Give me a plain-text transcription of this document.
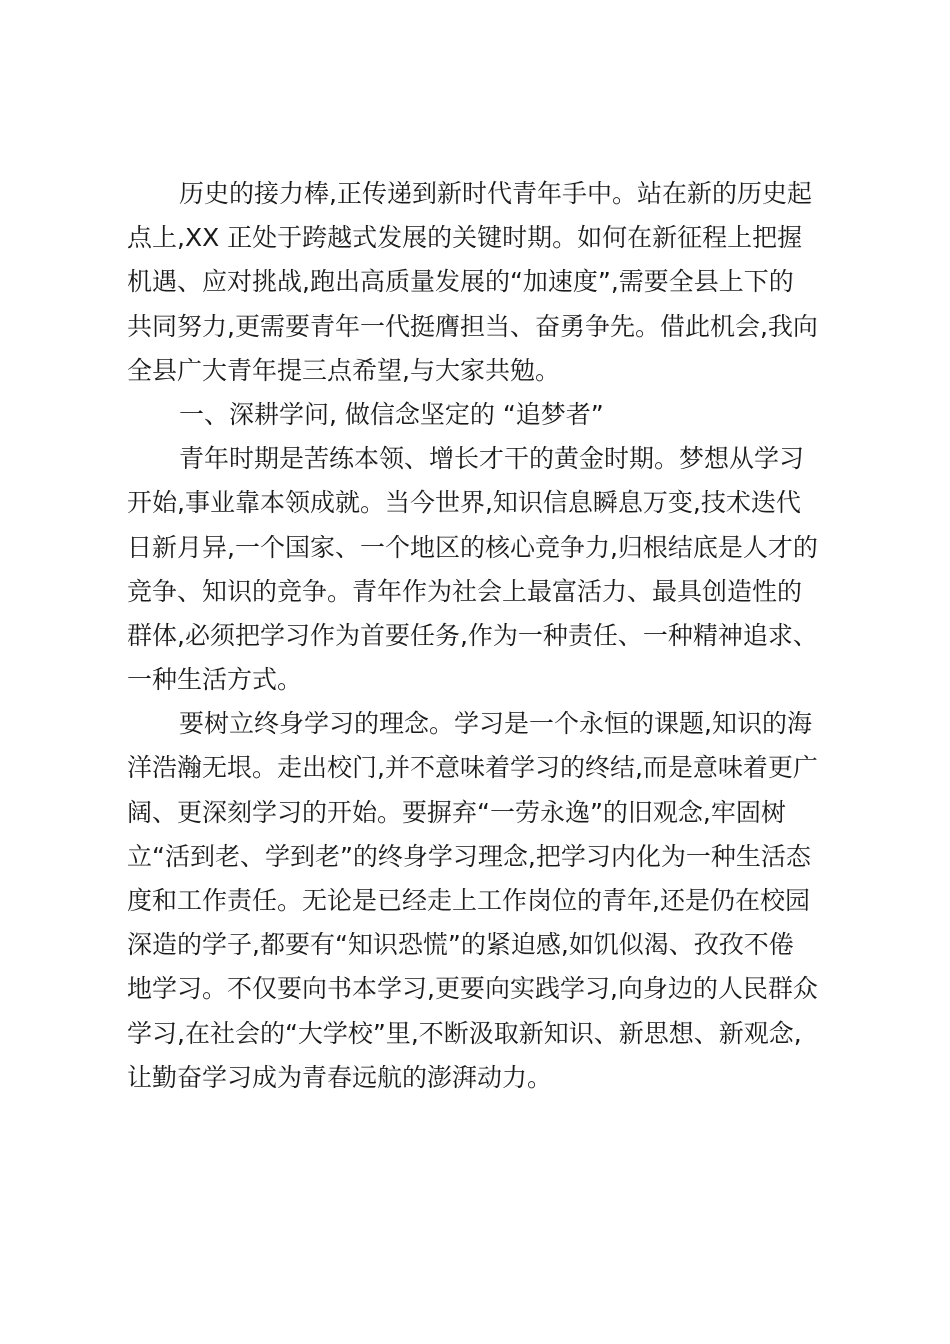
历史的接力棒,正传递到新时代青年手中。站在新的历史起
点上,XX 正处于跨越式发展的关键时期。如何在新征程上把握
机遇、应对挑战,跑出高质量发展的“加速度”,需要全县上下的
共同努力,更需要青年一代挺膺担当、奋勇争先。借此机会,我向
全县广大青年提三点希望,与大家共勉。
一、深耕学问, 做信念坚定的 “追梦者”
青年时期是苦练本领、增长才干的黄金时期。梦想从学习
开始,事业靠本领成就。当今世界,知识信息瞬息万变,技术迭代
日新月异,一个国家、一个地区的核心竞争力,归根结底是人才的
竞争、知识的竞争。青年作为社会上最富活力、最具创造性的
群体,必须把学习作为首要任务,作为一种责任、一种精神追求、
一种生活方式。
要树立终身学习的理念。学习是一个永恒的课题,知识的海
洋浩瀚无垠。走出校门,并不意味着学习的终结,而是意味着更广
阔、更深刻学习的开始。要摒弃“一劳永逸”的旧观念,牢固树
立“活到老、学到老”的终身学习理念,把学习内化为一种生活态
度和工作责任。无论是已经走上工作岗位的青年,还是仍在校园
深造的学子,都要有“知识恐慌”的紧迫感,如饥似渴、孜孜不倦
地学习。不仅要向书本学习,更要向实践学习,向身边的人民群众
学习,在社会的“大学校”里,不断汲取新知识、新思想、新观念,
让勤奋学习成为青春远航的澎湃动力。
